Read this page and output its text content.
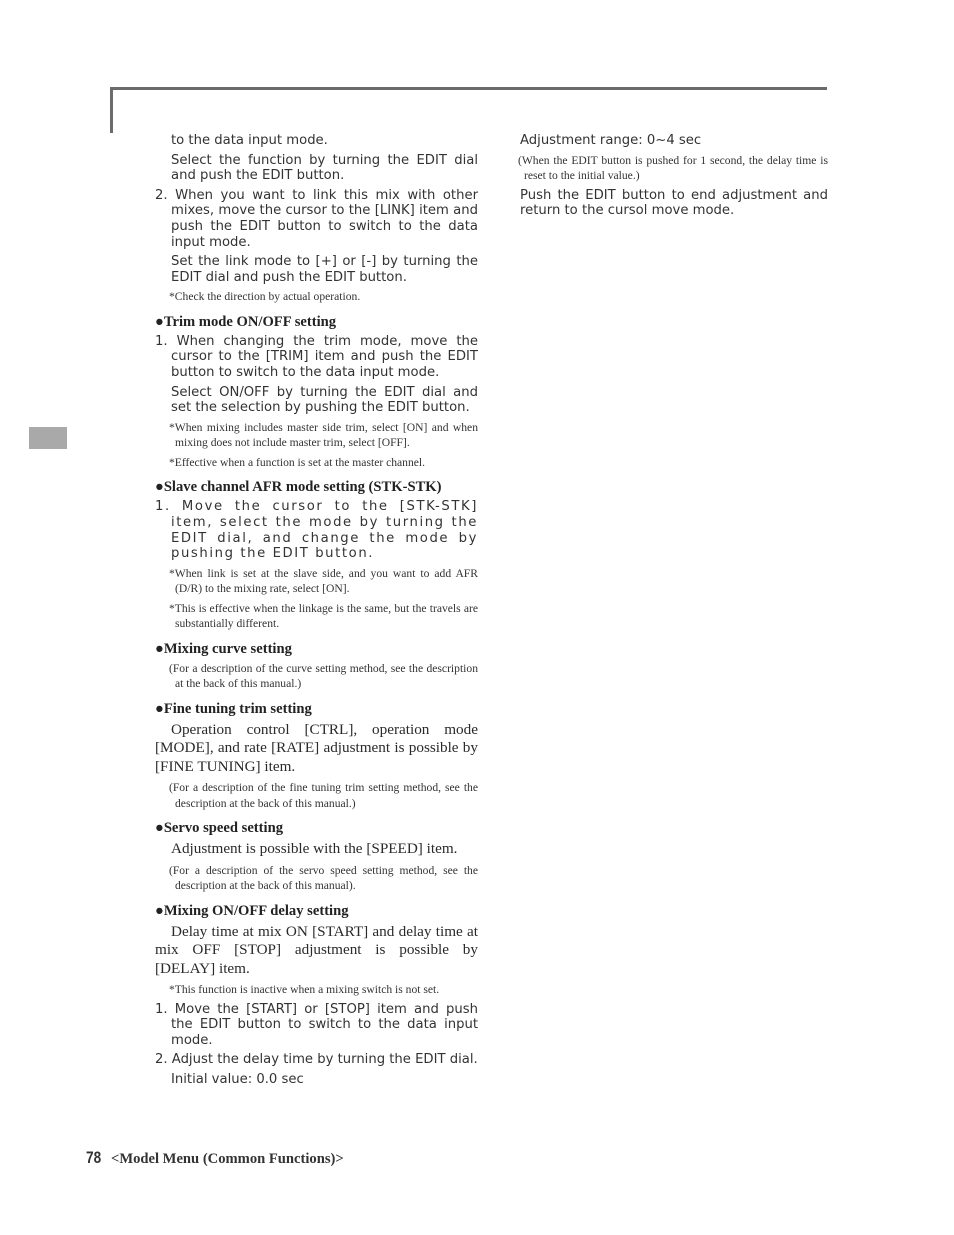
to the data input mode.

Select the function by turning the EDIT dial and push the EDIT button.

2. When you want to link this mix with other mixes, move the cursor to the [LINK] item and push the EDIT button to switch to the data input mode.

Set the link mode to [+] or [-] by turning the EDIT dial and push the EDIT button.

*Check the direction by actual operation.

●Trim mode ON/OFF setting

1. When changing the trim mode, move the cursor to the [TRIM] item and push the EDIT button to switch to the data input mode.

Select ON/OFF by turning the EDIT dial and set the selection by pushing the EDIT button.

*When mixing includes master side trim, select [ON] and when mixing does not include master trim, select [OFF].

*Effective when a function is set at the master channel.

●Slave channel AFR mode setting (STK-STK)

1. Move the cursor to the [STK-STK] item, select the mode by turning the EDIT dial, and change the mode by pushing the EDIT button.

*When link is set at the slave side, and you want to add AFR (D/R) to the mixing rate, select [ON].

*This is effective when the linkage is the same, but the travels are substantially different.

●Mixing curve setting

(For a description of the curve setting method, see the description at the back of this manual.)

●Fine tuning trim setting

Operation control [CTRL], operation mode [MODE], and rate [RATE] adjustment is possible by [FINE TUNING] item.

(For a description of the fine tuning trim setting method, see the description at the back of this manual.)

●Servo speed setting

Adjustment is possible with the [SPEED] item.

(For a description of the servo speed setting method, see the description at the back of this manual).

●Mixing ON/OFF delay setting

Delay time at mix ON [START] and delay time at mix OFF [STOP] adjustment is possible by [DELAY] item.

*This function is inactive when a mixing switch is not set.

1. Move the [START] or [STOP] item and push the EDIT button to switch to the data input mode.

2. Adjust the delay time by turning the EDIT dial.

Initial value: 0.0 sec

Adjustment range: 0~4 sec

(When the EDIT button is pushed for 1 second, the delay time is reset to the initial value.)

Push the EDIT button to end adjustment and return to the cursol move mode.

78 <Model Menu (Common Functions)>
